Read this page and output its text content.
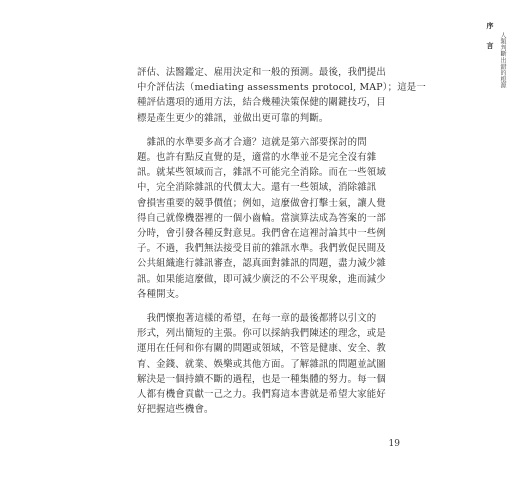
序　言 人類判斷出錯的根源

評估、法醫鑑定、雇用決定和一般的預測。最後，我們提出
中介評估法（mediating assessments protocol, MAP）；這是一
種評估選項的通用方法，結合幾種決策保健的關鍵技巧，目
標是產生更少的雜訊，並做出更可靠的判斷。

　雜訊的水準要多高才合適？這就是第六部要探討的問
題。也許有點反直覺的是，適當的水準並不是完全沒有雜
訊。就某些領域而言，雜訊不可能完全消除。而在一些領域
中，完全消除雜訊的代價太大。還有一些領域，消除雜訊
會損害重要的競爭價值；例如，這麼做會打擊士氣，讓人覺
得自己就像機器裡的一個小齒輪。當演算法成為答案的一部
分時，會引發各種反對意見。我們會在這裡討論其中一些例
子。不過，我們無法接受目前的雜訊水準。我們敦促民間及
公共組織進行雜訊審查，認真面對雜訊的問題，盡力減少雜
訊。如果能這麼做，即可減少廣泛的不公平現象，進而減少
各種開支。

　我們懷抱著這樣的希望，在每一章的最後都將以引文的
形式，列出簡短的主張。你可以採納我們陳述的理念，或是
運用在任何和你有關的問題或領域，不管是健康、安全、教
育、金錢、就業、娛樂或其他方面。了解雜訊的問題並試圖
解決是一個持續不斷的過程，也是一種集體的努力。每一個
人都有機會貢獻一己之力。我們寫這本書就是希望大家能好
好把握這些機會。

19
